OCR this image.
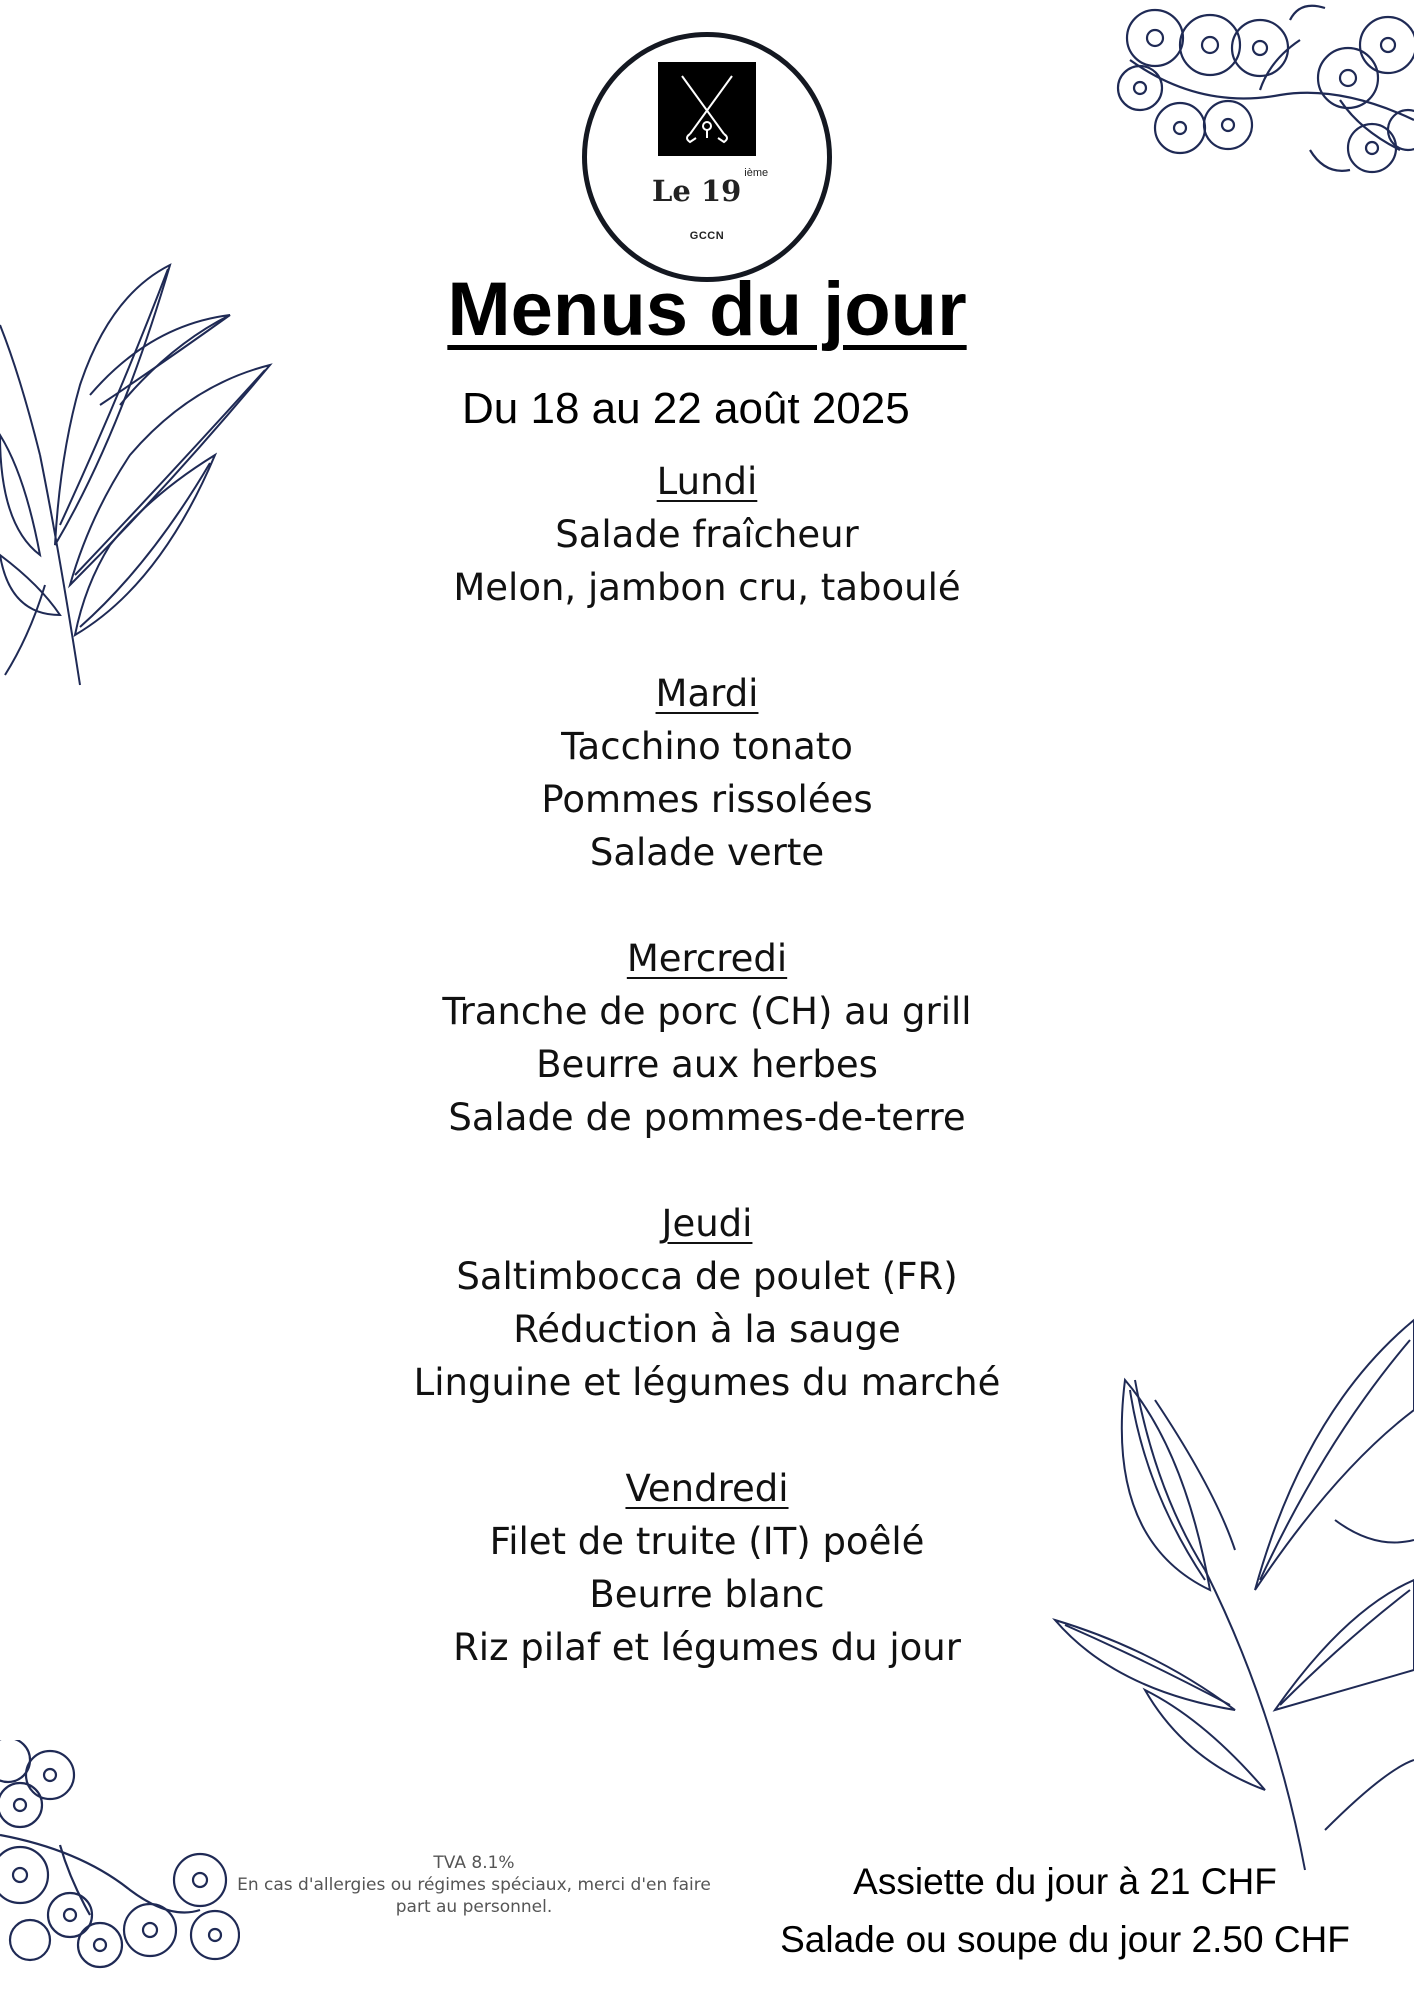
Le 19ième
GCCN
Menus du jour
Du 18 au 22 août 2025
Lundi
Salade fraîcheur
Melon, jambon cru, taboulé
Mardi
Tacchino tonato
Pommes rissolées
Salade verte
Mercredi
Tranche de porc (CH) au grill
Beurre aux herbes
Salade de pommes-de-terre
Jeudi
Saltimbocca de poulet (FR)
Réduction à la sauge
Linguine et légumes du marché
Vendredi
Filet de truite (IT) poêlé
Beurre blanc
Riz pilaf et légumes du jour
TVA 8.1%
En cas d'allergies ou régimes spéciaux, merci d'en faire part au personnel.
Assiette du jour à 21 CHF
Salade ou soupe du jour 2.50 CHF
